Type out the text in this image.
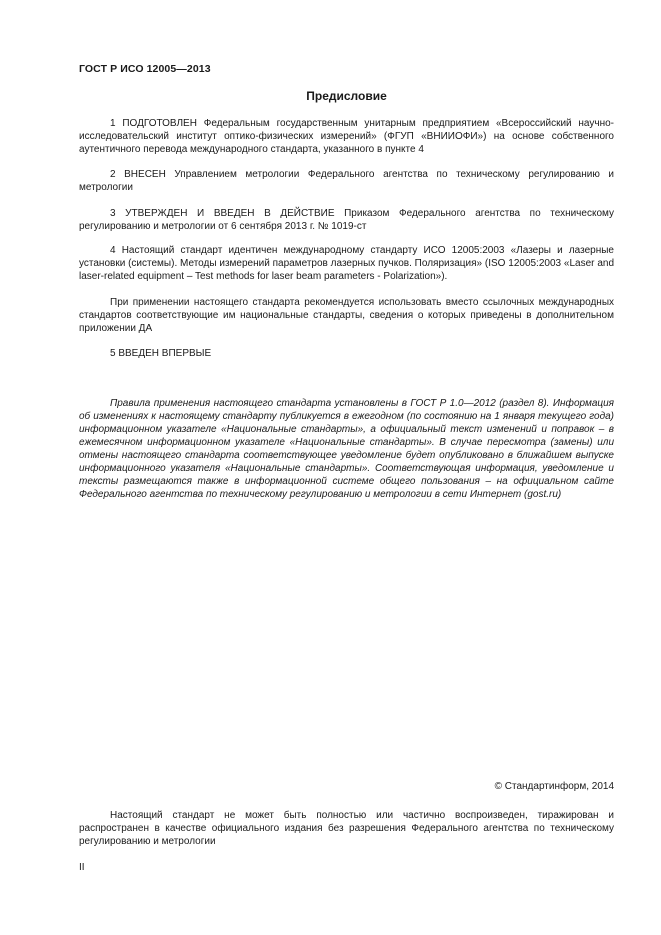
ГОСТ Р ИСО 12005—2013
Предисловие

1 ПОДГОТОВЛЕН Федеральным государственным унитарным предприятием «Всероссийский научно-исследовательский институт оптико-физических измерений» (ФГУП «ВНИИОФИ») на основе собственного аутентичного перевода международного стандарта, указанного в пункте 4

2 ВНЕСЕН Управлением метрологии Федерального агентства по техническому регулированию и метрологии

3 УТВЕРЖДЕН И ВВЕДЕН В ДЕЙСТВИЕ Приказом Федерального агентства по техническому регулированию и метрологии от 6 сентября 2013 г. № 1019-ст

4 Настоящий стандарт идентичен международному стандарту ИСО 12005:2003 «Лазеры и лазерные установки (системы). Методы измерений параметров лазерных пучков. Поляризация» (ISO 12005:2003 «Laser and laser-related equipment – Test methods for laser beam parameters - Polarization»).

При применении настоящего стандарта рекомендуется использовать вместо ссылочных международных стандартов соответствующие им национальные стандарты, сведения о которых приведены в дополнительном приложении ДА

5 ВВЕДЕН ВПЕРВЫЕ

Правила применения настоящего стандарта установлены в ГОСТ Р 1.0—2012 (раздел 8). Информация об изменениях к настоящему стандарту публикуется в ежегодном (по состоянию на 1 января текущего года) информационном указателе «Национальные стандарты», а официальный текст изменений и поправок – в ежемесячном информационном указателе «Национальные стандарты». В случае пересмотра (замены) или отмены настоящего стандарта соответствующее уведомление будет опубликовано в ближайшем выпуске информационного указателя «Национальные стандарты». Соответствующая информация, уведомление и тексты размещаются также в информационной системе общего пользования – на официальном сайте Федерального агентства по техническому регулированию и метрологии в сети Интернет (gost.ru)

© Стандартинформ, 2014

Настоящий стандарт не может быть полностью или частично воспроизведен, тиражирован и распространен в качестве официального издания без разрешения Федерального агентства по техническому регулированию и метрологии

II
